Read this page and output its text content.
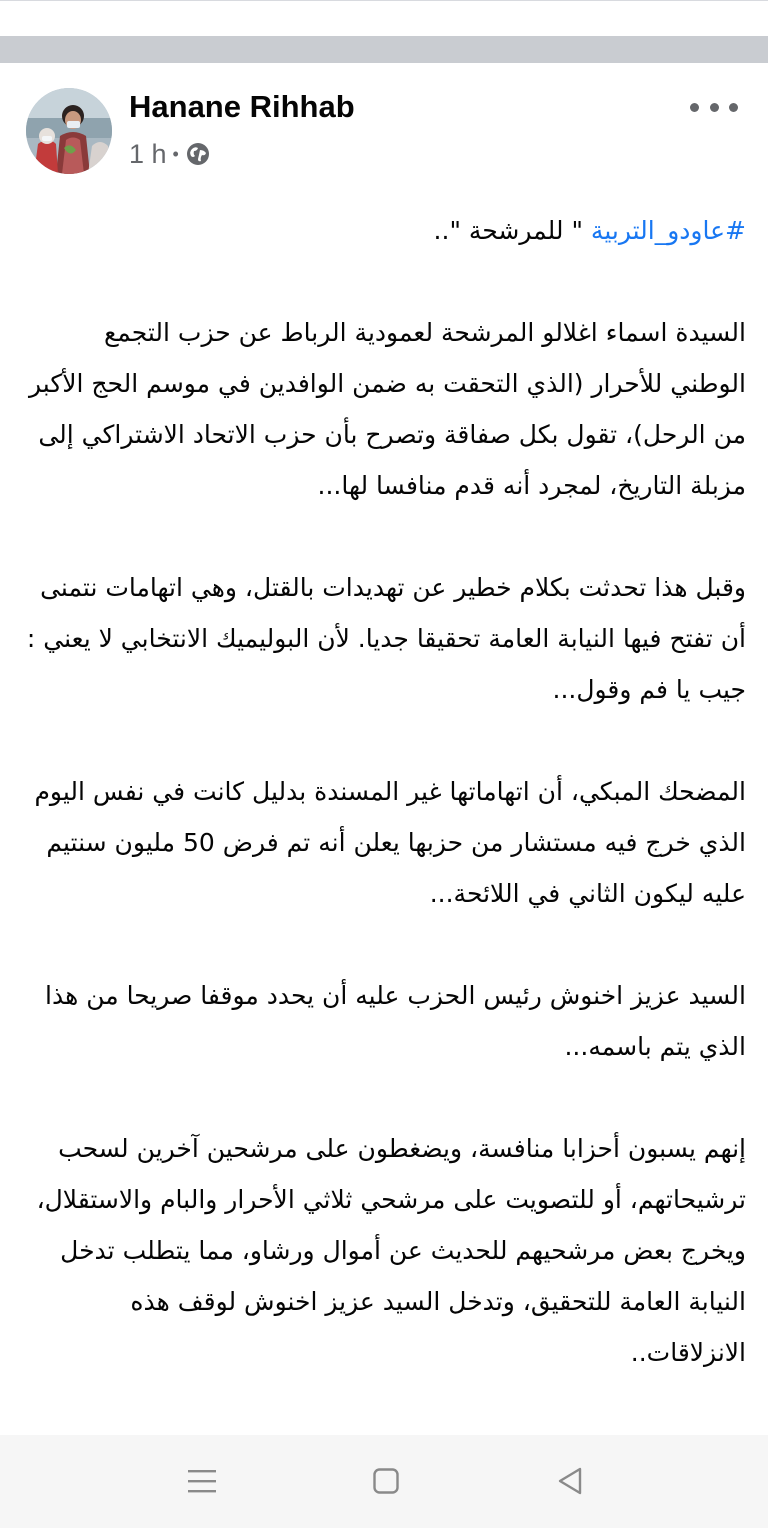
Hanane Rihhab
1 h •

#عاودو_التربية " للمرشحة "..

السيدة اسماء اغلالو المرشحة لعمودية الرباط عن حزب التجمع الوطني للأحرار (الذي التحقت به ضمن الوافدين في موسم الحج الأكبر من الرحل)، تقول بكل صفاقة وتصرح بأن حزب الاتحاد الاشتراكي إلى مزبلة التاريخ، لمجرد أنه قدم منافسا لها...

وقبل هذا تحدثت بكلام خطير عن تهديدات بالقتل، وهي اتهامات نتمنى أن تفتح فيها النيابة العامة تحقيقا جديا. لأن البوليميك الانتخابي لا يعني : جيب يا فم وقول...

المضحك المبكي، أن اتهاماتها غير المسندة بدليل كانت في نفس اليوم الذي خرج فيه مستشار من حزبها يعلن أنه تم فرض 50 مليون سنتيم عليه ليكون الثاني في اللائحة...

السيد عزيز اخنوش رئيس الحزب عليه أن يحدد موقفا صريحا من هذا الذي يتم باسمه...

إنهم يسبون أحزابا منافسة، ويضغطون على مرشحين آخرين لسحب ترشيحاتهم، أو للتصويت على مرشحي ثلاثي الأحرار والبام والاستقلال، ويخرج بعض مرشحيهم للحديث عن أموال ورشاو، مما يتطلب تدخل النيابة العامة للتحقيق، وتدخل السيد عزيز اخنوش لوقف هذه الانزلاقات..
